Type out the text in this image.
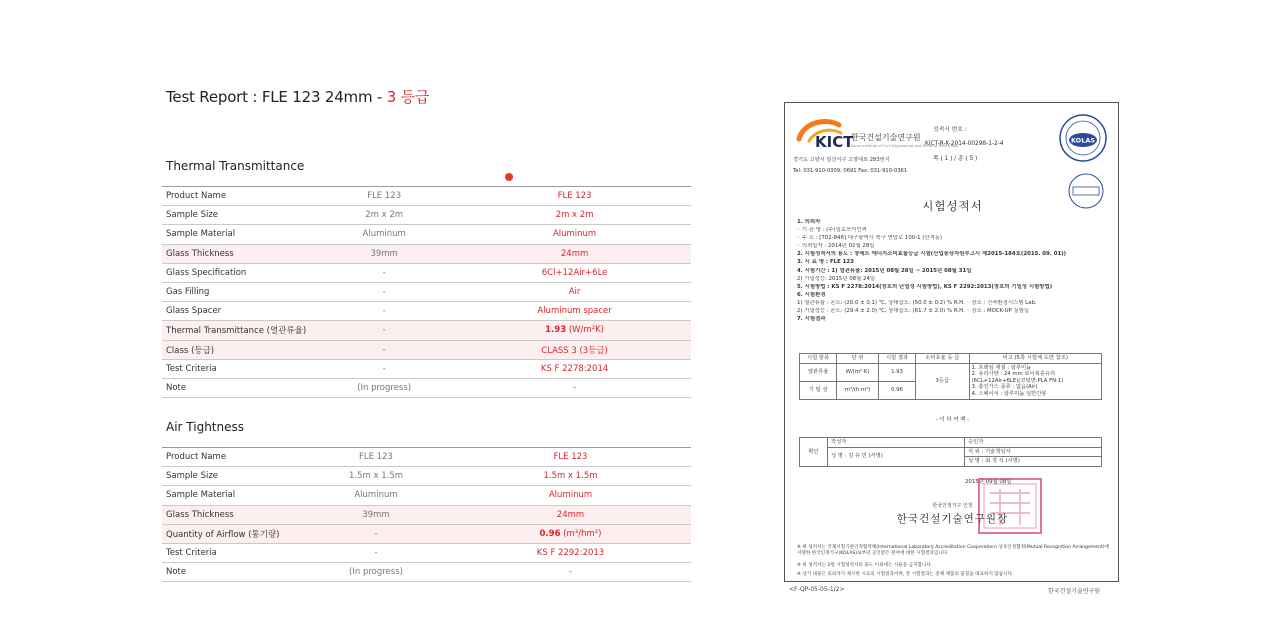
Test Report : FLE 123 24mm - 3 등급
Thermal Transmittance
Product Name	FLE 123	FLE 123
Sample Size	2m x 2m	2m x 2m
Sample Material	Aluminum	Aluminum
Glass Thickness	39mm	24mm
Glass Specification	-	6Cl+12Air+6Le
Gas Filling	-	Air
Glass Spacer	-	Aluminum spacer
Thermal Transmittance (열관류율)	-	1.93 (W/m²K)
Class (등급)	-	CLASS 3 (3등급)
Test Criteria	-	KS F 2278:2014
Note	(In progress)	-
Air Tightness
Product Name	FLE 123	FLE 123
Sample Size	1.5m x 1.5m	1.5m x 1.5m
Sample Material	Aluminum	Aluminum
Glass Thickness	39mm	24mm
Quantity of Airflow (통기량)	-	0.96 (m³/hm²)
Test Criteria	-	KS F 2292:2013
Note	(In progress)	-
KICT
한국건설기술연구원
Korea Institute of Civil Engineering and Building Technology
성적서 번호 :
KICT-R-K-2014-00298-1-2-4
쪽 ( 1 ) / 총 ( 5 )
경기도 고양시 일산서구 고양대로 283번지
Tel: 031-910-0309, 0691 Fax: 031-910-0361
KOLAS
시험성적서
1. 의뢰자
◦ 기 관 명 : (주)일로쓰이언씨
◦ 주 소 : [702-846] 대구광역시 북구 연암로 100-1 (산격동)
◦ 의뢰일자 : 2014년 02월 28일
2. 시험성적서의 용도 : 창세트 에너지소비효율등급 시험(산업통상자원부고시 제2015-184호(2015. 09. 01))
3. 시 료 명 : FLE 123
4. 시험기간 : 1) 열관류율: 2015년 08월 28일 ~ 2015년 08월 31일
2) 기밀성능: 2015년 08월 24일
5. 시험방법 : KS F 2278:2014(창호의 단열성 시험방법), KS F 2292:2013(창호의 기밀성 시험방법)
6. 시험환경
1) 열관류율 : 온도: (20.0 ± 0.1) ℃, 상대습도: (50.0 ± 0.2) % R.H. ◦ 장소 : 건축환경시스템 Lab.
2) 기밀성능 : 온도: (29.4 ± 2.0) ℃, 상대습도: (61.7 ± 2.0) % R.H. ◦ 장소 : MOCK-UP 실험실
7. 시험결과
시험 항목	단 위	시험 결과	소비효율 등 급	비고 (5쪽 시험체 도면 참조)
열관류율	W/(m²·K)	1.93	3등급	1. 프레임 재질 : 알루미늄
2. 유리사양 : 24 mm 로이복층유리
(6CL+12Air+6LE)(코팅면:PLA FN:1)
3. 충진가스 종류 : 없음(Air)
4. 스페이서 : 알루미늄 일반간봉

기 밀 성	m³/(h·m²)	0.96		
- 이 하 여 백 -
확인	작성자	승인자
	성 명 : 김 유 민 (서명)	직 위 : 기술책임자
		성 명 : 최 경 석 (서명)
2015년 09월 08일
한국인정기구 인정
한국건설기술연구원장
※ 위 성적서는 국제시험기관인정협력체(International Laboratory Accreditation Cooperation) 상호인정협정(Mutual Recognition Arrangement)에 서명한 한국인정기구(KOLAS)로부터 공인받은 분야에 대한 시험결과입니다.
※ 위 성적서는 2항 시험성적서의 용도 이외에는 사용을 금지합니다.
※ 상기 내용은 의뢰자가 제시한 시료의 시험결과이며, 본 시험결과는 전체 제품의 품질을 대표하지 않습니다.
<F-QP-05-05-1/2>	한국건설기술연구원
